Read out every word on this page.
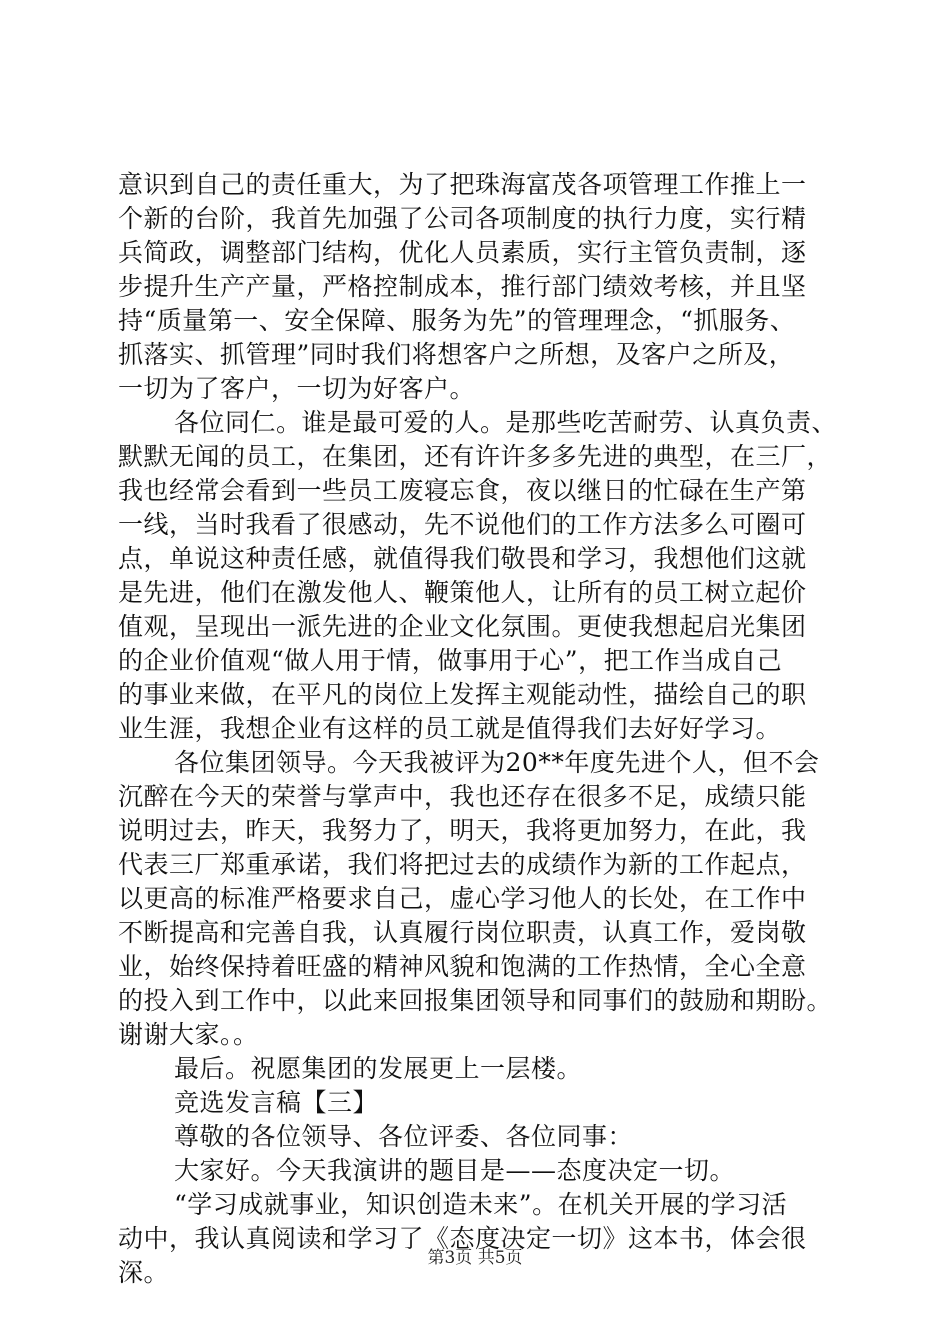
意识到自己的责任重大，为了把珠海富茂各项管理工作推上一
个新的台阶，我首先加强了公司各项制度的执行力度，实行精
兵简政，调整部门结构，优化人员素质，实行主管负责制，逐
步提升生产产量，严格控制成本，推行部门绩效考核，并且坚
持“质量第一、安全保障、服务为先”的管理理念，“抓服务、
抓落实、抓管理”同时我们将想客户之所想，及客户之所及，
一切为了客户，一切为好客户。
各位同仁。谁是最可爱的人。是那些吃苦耐劳、认真负责、
默默无闻的员工，在集团，还有许许多多先进的典型，在三厂，
我也经常会看到一些员工废寝忘食，夜以继日的忙碌在生产第
一线，当时我看了很感动，先不说他们的工作方法多么可圈可
点，单说这种责任感，就值得我们敬畏和学习，我想他们这就
是先进，他们在激发他人、鞭策他人，让所有的员工树立起价
值观，呈现出一派先进的企业文化氛围。更使我想起启光集团
的企业价值观“做人用于情，做事用于心”，把工作当成自己
的事业来做，在平凡的岗位上发挥主观能动性，描绘自己的职
业生涯，我想企业有这样的员工就是值得我们去好好学习。
各位集团领导。今天我被评为20**年度先进个人，但不会
沉醉在今天的荣誉与掌声中，我也还存在很多不足，成绩只能
说明过去，昨天，我努力了，明天，我将更加努力，在此，我
代表三厂郑重承诺，我们将把过去的成绩作为新的工作起点，
以更高的标准严格要求自己，虚心学习他人的长处，在工作中
不断提高和完善自我，认真履行岗位职责，认真工作，爱岗敬
业，始终保持着旺盛的精神风貌和饱满的工作热情，全心全意
的投入到工作中，以此来回报集团领导和同事们的鼓励和期盼。
谢谢大家。。
最后。祝愿集团的发展更上一层楼。
竞选发言稿【三】
尊敬的各位领导、各位评委、各位同事：
大家好。今天我演讲的题目是——态度决定一切。
“学习成就事业，知识创造未来”。在机关开展的学习活
动中，我认真阅读和学习了《态度决定一切》这本书，体会很
深。	第3页 共5页
